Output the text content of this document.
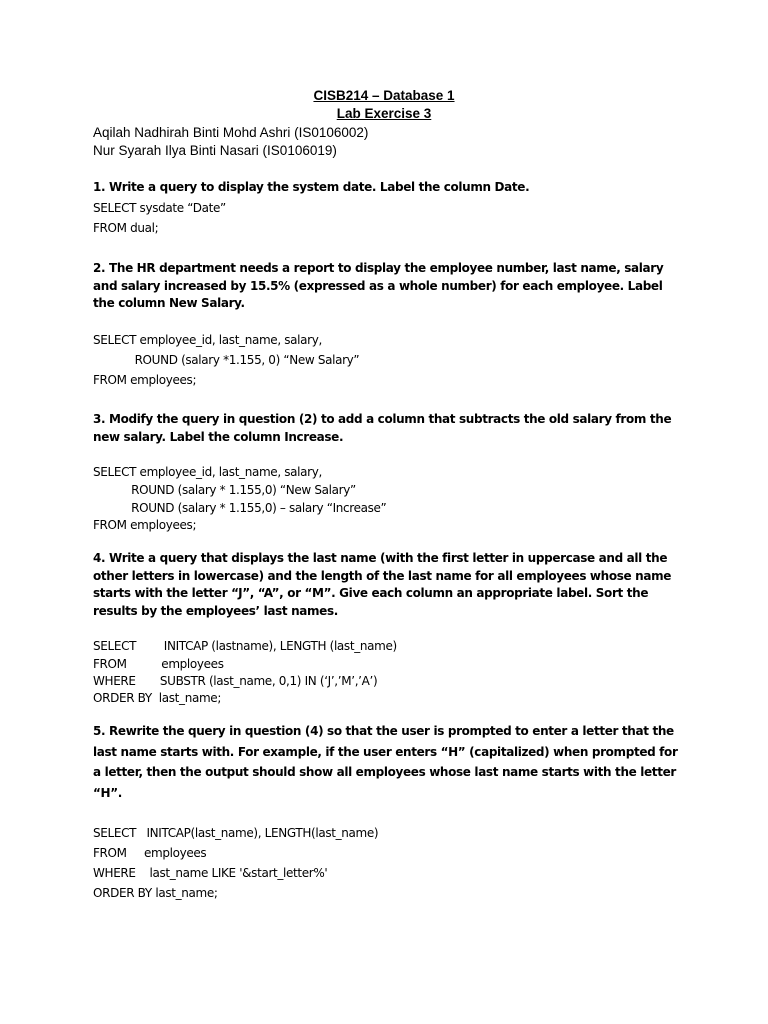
CISB214 – Database 1
Lab Exercise 3
Aqilah Nadhirah Binti Mohd Ashri (IS0106002)
Nur Syarah Ilya Binti Nasari (IS0106019)
1. Write a query to display the system date. Label the column Date.
SELECT sysdate “Date”
FROM dual;
2. The HR department needs a report to display the employee number, last name, salary and salary increased by 15.5% (expressed as a whole number) for each employee. Label the column New Salary.
SELECT employee_id, last_name, salary,
ROUND (salary *1.155, 0) “New Salary”
FROM employees;
3. Modify the query in question (2) to add a column that subtracts the old salary from the new salary. Label the column Increase.
SELECT employee_id, last_name, salary,
ROUND (salary * 1.155,0) “New Salary”
ROUND (salary * 1.155,0) – salary “Increase”
FROM employees;
4. Write a query that displays the last name (with the first letter in uppercase and all the other letters in lowercase) and the length of the last name for all employees whose name starts with the letter “J”, “A”, or “M”. Give each column an appropriate label. Sort the results by the employees’ last names.
SELECT        INITCAP (lastname), LENGTH (last_name)
FROM          employees
WHERE       SUBSTR (last_name, 0,1) IN (‘J’,’M’,’A’)
ORDER BY  last_name;
5. Rewrite the query in question (4) so that the user is prompted to enter a letter that the last name starts with. For example, if the user enters “H” (capitalized) when prompted for a letter, then the output should show all employees whose last name starts with the letter “H”.
SELECT   INITCAP(last_name), LENGTH(last_name)
FROM     employees
WHERE    last_name LIKE '&start_letter%'
ORDER BY last_name;
